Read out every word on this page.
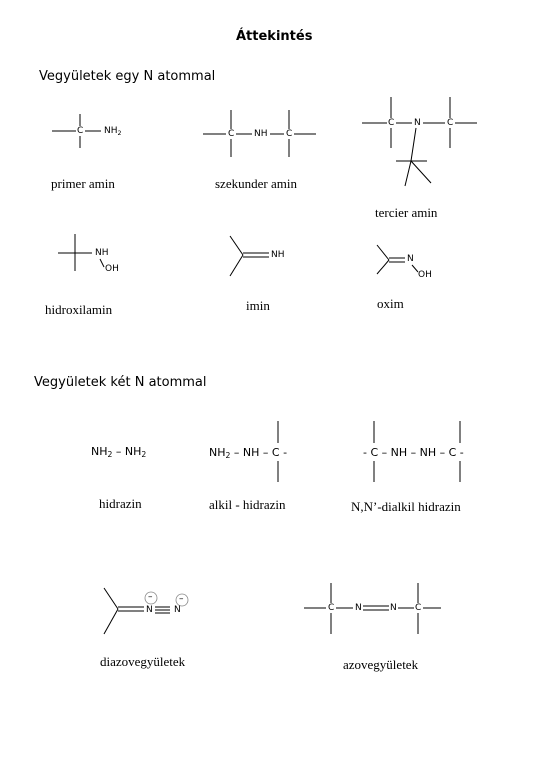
Áttekintés
Vegyületek egy N atommal
C $NH_2$
primer amin
C NH C
szekunder amin
C N	C
tercier amin
NH
OH
hidroxilamin
NH
imin
N
OH
oxim
Vegyületek két N atommal
$NH_2 - NH_2$
hidrazin
$NH_2$ – NH – C -
alkil - hidrazin
- C – NH – NH – C -
N,N’-dialkil hidrazin
N N
–	–
diazovegyületek
C N	N C
azovegyületek
